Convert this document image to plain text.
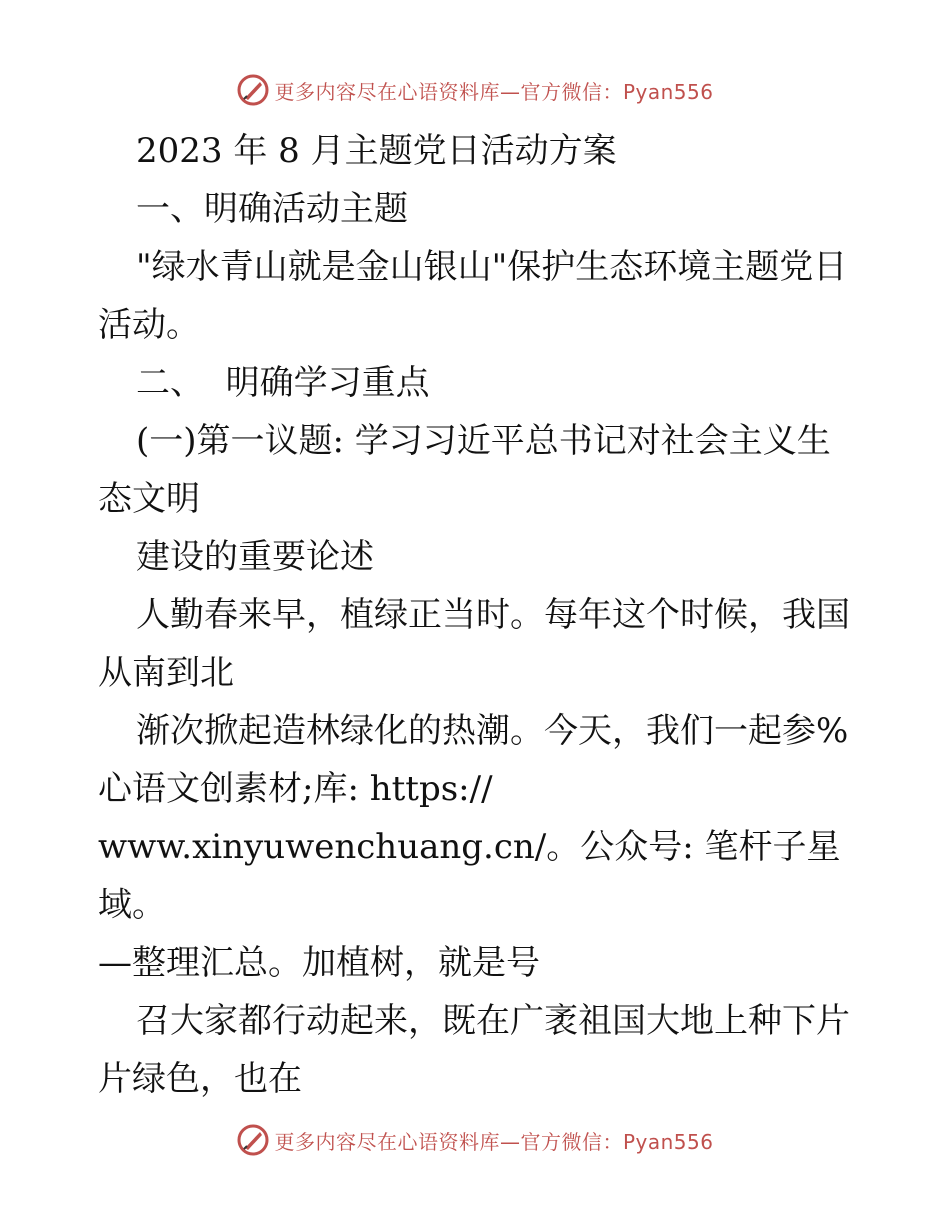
更多内容尽在心语资料库—官方微信：Pyan556

2023 年 8 月主题党日活动方案

一、明确活动主题

"绿水青山就是金山银山"保护生态环境主题党日

活动。

二、  明确学习重点

(一)第一议题: 学习习近平总书记对社会主义生

态文明

建设的重要论述

人勤春来早，植绿正当时。每年这个时候，我国

从南到北

渐次掀起造林绿化的热潮。今天，我们一起参%

心语文创素材;库: https://

www.xinyuwenchuang.cn/。公众号: 笔杆子星域。

—整理汇总。加植树，就是号

召大家都行动起来，既在广袤祖国大地上种下片

片绿色，也在

更多内容尽在心语资料库—官方微信：Pyan556
